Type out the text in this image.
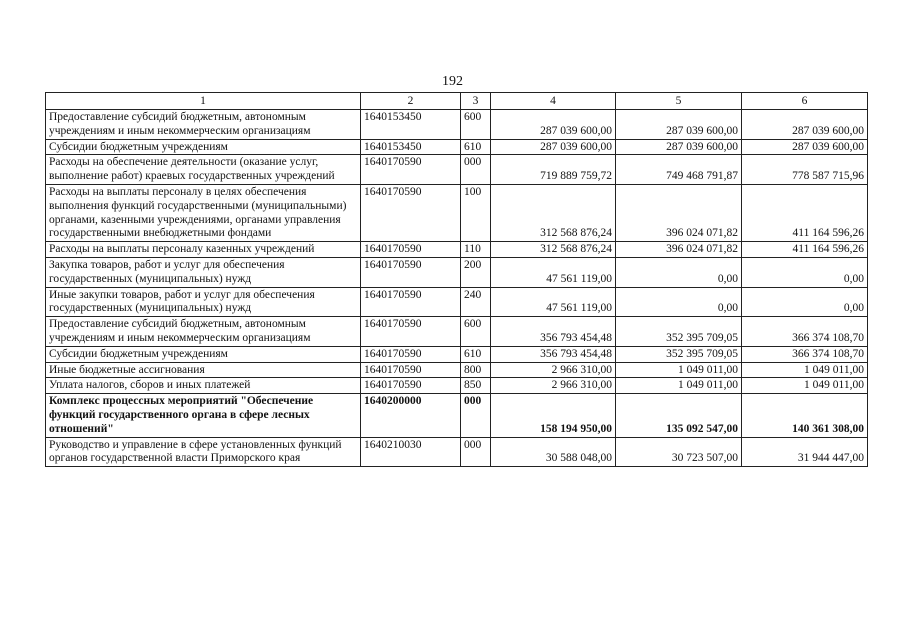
192
1	2	3	4	5	6
Предоставление субсидий бюджетным, автономным учреждениям и иным некоммерческим организациям	1640153450	600	287 039 600,00	287 039 600,00	287 039 600,00
Субсидии бюджетным учреждениям	1640153450	610	287 039 600,00	287 039 600,00	287 039 600,00
Расходы на обеспечение деятельности (оказание услуг, выполнение работ) краевых государственных учреждений	1640170590	000	719 889 759,72	749 468 791,87	778 587 715,96
Расходы на выплаты персоналу в целях обеспечения выполнения функций государственными (муниципальными) органами, казенными учреждениями, органами управления государственными внебюджетными фондами	1640170590	100	312 568 876,24	396 024 071,82	411 164 596,26
Расходы на выплаты персоналу казенных учреждений	1640170590	110	312 568 876,24	396 024 071,82	411 164 596,26
Закупка товаров, работ и услуг для обеспечения государственных (муниципальных) нужд	1640170590	200	47 561 119,00	0,00	0,00
Иные закупки товаров, работ и услуг для обеспечения государственных (муниципальных) нужд	1640170590	240	47 561 119,00	0,00	0,00
Предоставление субсидий бюджетным, автономным учреждениям и иным некоммерческим организациям	1640170590	600	356 793 454,48	352 395 709,05	366 374 108,70
Субсидии бюджетным учреждениям	1640170590	610	356 793 454,48	352 395 709,05	366 374 108,70
Иные бюджетные ассигнования	1640170590	800	2 966 310,00	1 049 011,00	1 049 011,00
Уплата налогов, сборов и иных платежей	1640170590	850	2 966 310,00	1 049 011,00	1 049 011,00
Комплекс процессных мероприятий "Обеспечение функций государственного органа в сфере лесных отношений"	1640200000	000	158 194 950,00	135 092 547,00	140 361 308,00
Руководство и управление в сфере установленных функций органов государственной власти Приморского края	1640210030	000	30 588 048,00	30 723 507,00	31 944 447,00
